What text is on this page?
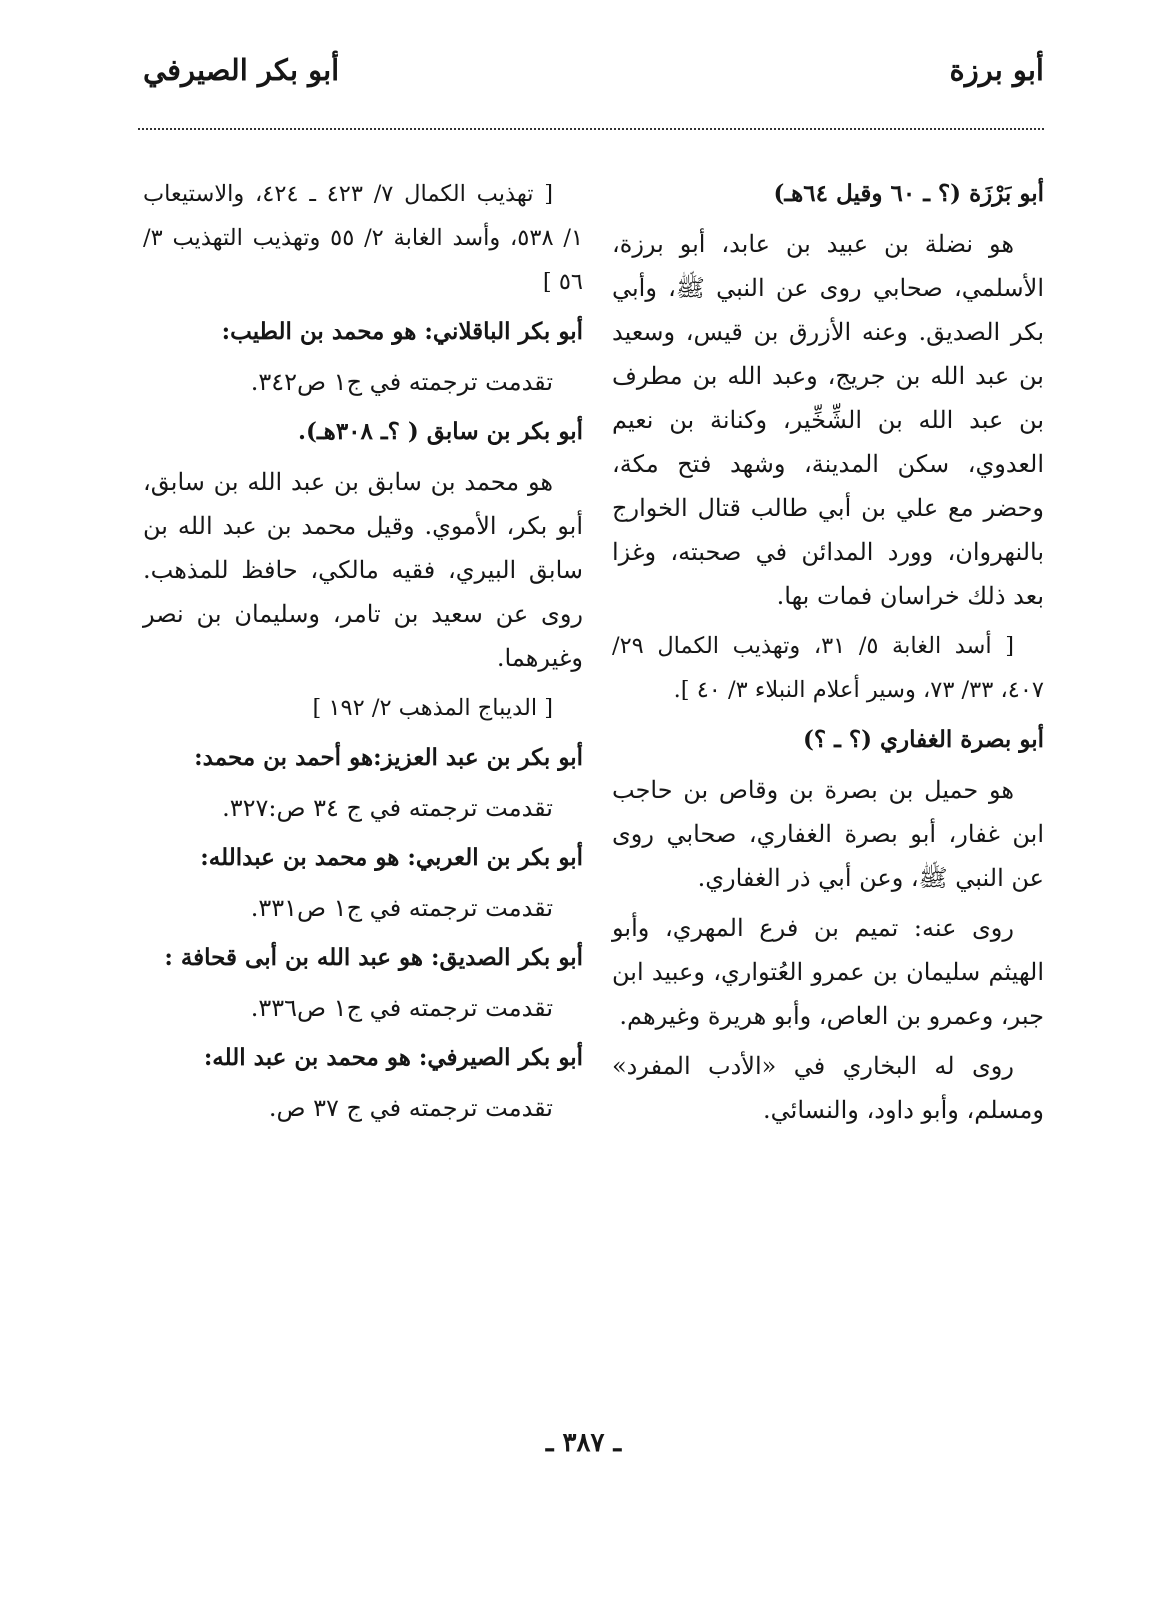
أبو برزة
أبو بكر الصيرفي

أبو بَرْزَة (؟ ـ ٦٠ وقيل ٦٤هـ)

هو نضلة بن عبيد بن عابد، أبو برزة، الأسلمي، صحابي روى عن النبي ﷺ، وأبي بكر الصديق. وعنه الأزرق بن قيس، وسعيد بن عبد الله بن جريج، وعبد الله بن مطرف بن عبد الله بن الشِّخِّير، وكنانة بن نعيم العدوي، سكن المدينة، وشهد فتح مكة، وحضر مع علي بن أبي طالب قتال الخوارج بالنهروان، وورد المدائن في صحبته، وغزا بعد ذلك خراسان فمات بها.

[ أسد الغابة ٥/ ٣١، وتهذيب الكمال ٢٩/ ٤٠٧، ٣٣/ ٧٣، وسير أعلام النبلاء ٣/ ٤٠ ].

أبو بصرة الغفاري (؟ ـ ؟)

هو حميل بن بصرة بن وقاص بن حاجب ابن غفار، أبو بصرة الغفاري، صحابي روى عن النبي ﷺ، وعن أبي ذر الغفاري.

روى عنه: تميم بن فرع المهري، وأبو الهيثم سليمان بن عمرو العُتواري، وعبيد ابن جبر، وعمرو بن العاص، وأبو هريرة وغيرهم.

روى له البخاري في «الأدب المفرد» ومسلم، وأبو داود، والنسائي.

[ تهذيب الكمال ٧/ ٤٢٣ ـ ٤٢٤، والاستيعاب ١/ ٥٣٨، وأسد الغابة ٢/ ٥٥ وتهذيب التهذيب ٣/ ٥٦ ]

أبو بكر الباقلاني: هو محمد بن الطيب:

تقدمت ترجمته في ج١ ص٣٤٢.

أبو بكر بن سابق ( ؟ـ ٣٠٨هـ).

هو محمد بن سابق بن عبد الله بن سابق، أبو بكر، الأموي. وقيل محمد بن عبد الله بن سابق البيري، فقيه مالكي، حافظ للمذهب. روى عن سعيد بن تامر، وسليمان بن نصر وغيرهما.

[ الديباج المذهب ٢/ ١٩٢ ]

أبو بكر بن عبد العزيز:هو أحمد بن محمد:

تقدمت ترجمته في ج ٣٤ ص:٣٢٧.

أبو بكر بن العربي: هو محمد بن عبدالله:

تقدمت ترجمته في ج١ ص٣٣١.

أبو بكر الصديق: هو عبد الله بن أبى قحافة :

تقدمت ترجمته في ج١ ص٣٣٦.

أبو بكر الصيرفي: هو محمد بن عبد الله:

تقدمت ترجمته في ج ٣٧ ص.

ـ ٣٨٧ ـ
